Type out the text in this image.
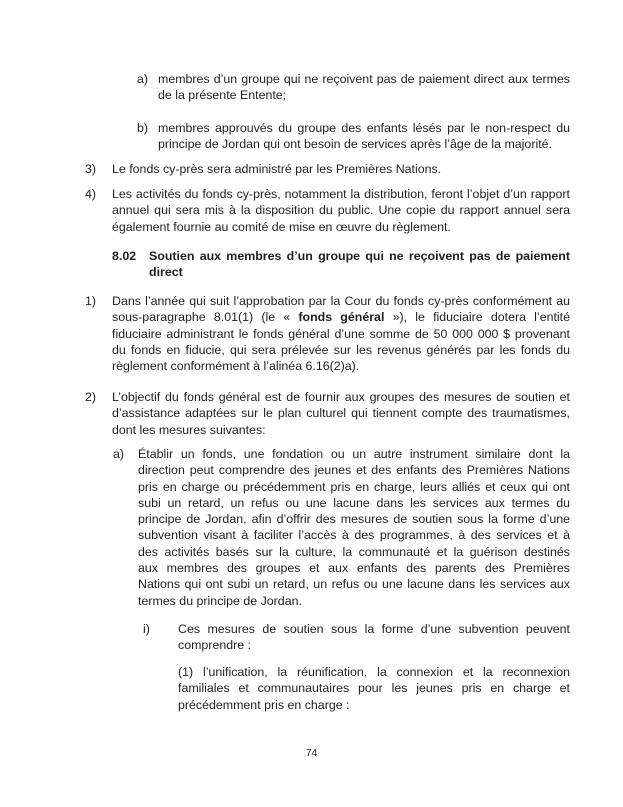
a) membres d’un groupe qui ne reçoivent pas de paiement direct aux termes
de la présente Entente;
b) membres approuvés du groupe des enfants lésés par le non-respect du
principe de Jordan qui ont besoin de services après l’âge de la majorité.
3) Le fonds cy-près sera administré par les Premières Nations.
4) Les activités du fonds cy-près, notamment la distribution, feront l’objet d’un rapport
annuel qui sera mis à la disposition du public. Une copie du rapport annuel sera
également fournie au comité de mise en œuvre du règlement.
8.02 Soutien aux membres d’un groupe qui ne reçoivent pas de paiement
direct
1) Dans l’année qui suit l’approbation par la Cour du fonds cy-près conformément au
sous-paragraphe 8.01(1) (le « fonds général »), le fiduciaire dotera l’entité
fiduciaire administrant le fonds général d’une somme de 50 000 000 $ provenant
du fonds en fiducie, qui sera prélevée sur les revenus générés par les fonds du
règlement conformément à l’alinéa 6.16(2)a).
2) L’objectif du fonds général est de fournir aux groupes des mesures de soutien et
d’assistance adaptées sur le plan culturel qui tiennent compte des traumatismes,
dont les mesures suivantes:
a) Établir un fonds, une fondation ou un autre instrument similaire dont la
direction peut comprendre des jeunes et des enfants des Premières Nations
pris en charge ou précédemment pris en charge, leurs alliés et ceux qui ont
subi un retard, un refus ou une lacune dans les services aux termes du
principe de Jordan, afin d’offrir des mesures de soutien sous la forme d’une
subvention visant à faciliter l’accès à des programmes, à des services et à
des activités basés sur la culture, la communauté et la guérison destinés
aux membres des groupes et aux enfants des parents des Premières
Nations qui ont subi un retard, un refus ou une lacune dans les services aux
termes du principe de Jordan.
i) Ces mesures de soutien sous la forme d’une subvention peuvent
comprendre :
(1) l’unification, la réunification, la connexion et la reconnexion
familiales et communautaires pour les jeunes pris en charge et
précédemment pris en charge :
74
